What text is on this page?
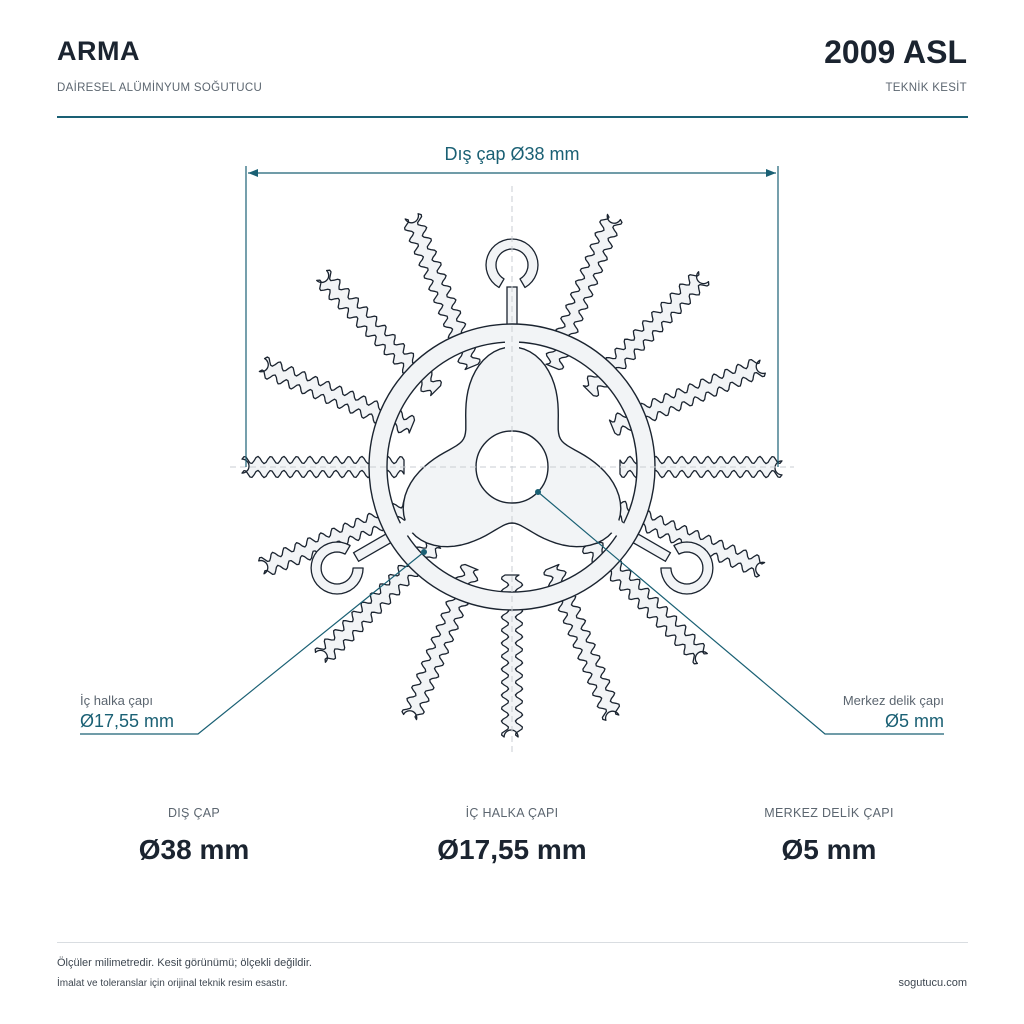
ARMA
DAİRESEL ALÜMİNYUM SOĞUTUCU
2009 ASL
TEKNİK KESİT
Dış çap Ø38 mm
İç halka çapı
Ø17,55 mm
Merkez delik çapı
Ø5 mm
DIŞ ÇAP
Ø38 mm
İÇ HALKA ÇAPI
Ø17,55 mm
MERKEZ DELİK ÇAPI
Ø5 mm
Ölçüler milimetredir. Kesit görünümü; ölçekli değildir.
İmalat ve toleranslar için orijinal teknik resim esastır.	sogutucu.com
